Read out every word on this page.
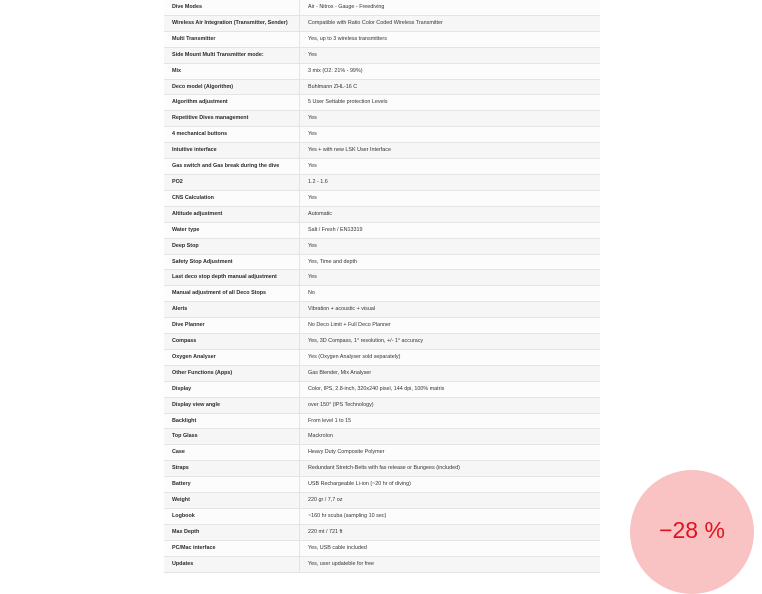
Dive Modes	Air - Nitrox - Gauge - Freediving
Wireless Air Integration (Transmitter, Sender)	Compatible with Ratio Color Coded Wireless Transmitter
Multi Transmitter	Yes, up to 3 wireless transmitters
Side Mount Multi Transmitter mode:	Yes
Mix	3 mix (O2: 21% - 99%)
Deco model (Algorithm)	Buhlmann ZHL-16 C
Algorithm adjustment	5 User Settable protection Levels
Repetitive Dives management	Yes
4 mechanical buttons	Yes
Intuitive interface	Yes + with new LSK User Interface
Gas switch and Gas break during the dive	Yes
PO2	1.2 - 1.6
CNS Calculation	Yes
Altitude adjustment	Automatic
Water type	Salt / Fresh / EN13319
Deep Stop	Yes
Safety Stop Adjustment	Yes, Time and depth
Last deco stop depth manual adjustment	Yes
Manual adjustment of all Deco Stops	No
Alerts	Vibration + acoustic + visual
Dive Planner	No Deco Limit + Full Deco Planner
Compass	Yes, 3D Compass, 1° resolution, +/- 1° accuracy
Oxygen Analyser	Yes (Oxygen Analyser sold separately)
Other Functions (Apps)	Gas Blender, Mix Analyser
Display	Color, IPS, 2.8-inch, 320x240 pixel, 144 dpi, 100% matrix
Display view angle	over 150° (IPS Technology)
Backlight	From level 1 to 15
Top Glass	Mackrolon
Case	Heavy Duty Composite Polymer
Straps	Redundant Stretch-Belts with fas release or Bungees (included)
Battery	USB Rechargeable Li-ion (~20 hr of diving)
Weight	220 gr / 7,7 oz
Logbook	~160 hr scuba (sampling 10 sec)
Max Depth	220 mt / 721 ft
PC/Mac interface	Yes, USB cable included
Updates	Yes, user updateble for free
−28 %
